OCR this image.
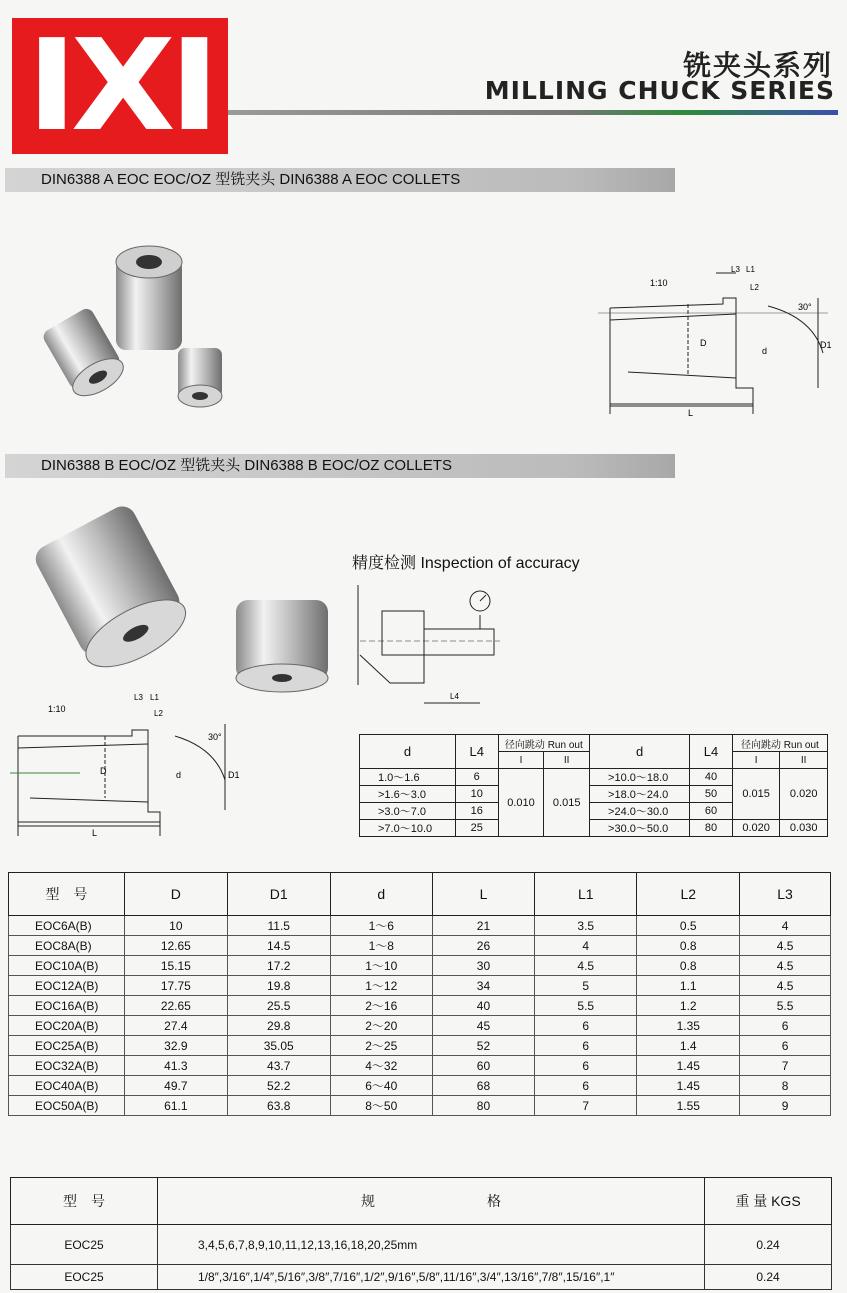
IXI	铣夹头系列
MILLING CHUCK SERIES
DIN6388 A EOC EOC/OZ 型铣夹头 DIN6388 A EOC COLLETS
1:10
L3 L1
L2
30°
D
d
D1
L
DIN6388 B EOC/OZ 型铣夹头 DIN6388 B EOC/OZ COLLETS
精度检测 Inspection of accuracy
L4
1:10
L3 L1
L2
30°
D	d	D1
L
d	L4	径向跳动 Run out		d	L4	径向跳动 Run out	
		I	II			I	II
1.0～1.6	6	0.010	0.015	>10.0～18.0	40	0.015	0.020
>1.6～3.0	10			>18.0～24.0	50		
>3.0～7.0	16			>24.0～30.0	60		
>7.0～10.0	25			>30.0～50.0	80	0.020	0.030
型　号	D	D1	d	L	L1	L2	L3
EOC6A(B)	10	11.5	1～6	21	3.5	0.5	4
EOC8A(B)	12.65	14.5	1～8	26	4	0.8	4.5
EOC10A(B)	15.15	17.2	1～10	30	4.5	0.8	4.5
EOC12A(B)	17.75	19.8	1～12	34	5	1.1	4.5
EOC16A(B)	22.65	25.5	2～16	40	5.5	1.2	5.5
EOC20A(B)	27.4	29.8	2～20	45	6	1.35	6
EOC25A(B)	32.9	35.05	2～25	52	6	1.4	6
EOC32A(B)	41.3	43.7	4～32	60	6	1.45	7
EOC40A(B)	49.7	52.2	6～40	68	6	1.45	8
EOC50A(B)	61.1	63.8	8～50	80	7	1.55	9
型　号	规　　　　　　　　格	重 量 KGS
EOC25	3,4,5,6,7,8,9,10,11,12,13,16,18,20,25mm	0.24
EOC25	1/8″,3/16″,1/4″,5/16″,3/8″,7/16″,1/2″,9/16″,5/8″,11/16″,3/4″,13/16″,7/8″,15/16″,1″	0.24
